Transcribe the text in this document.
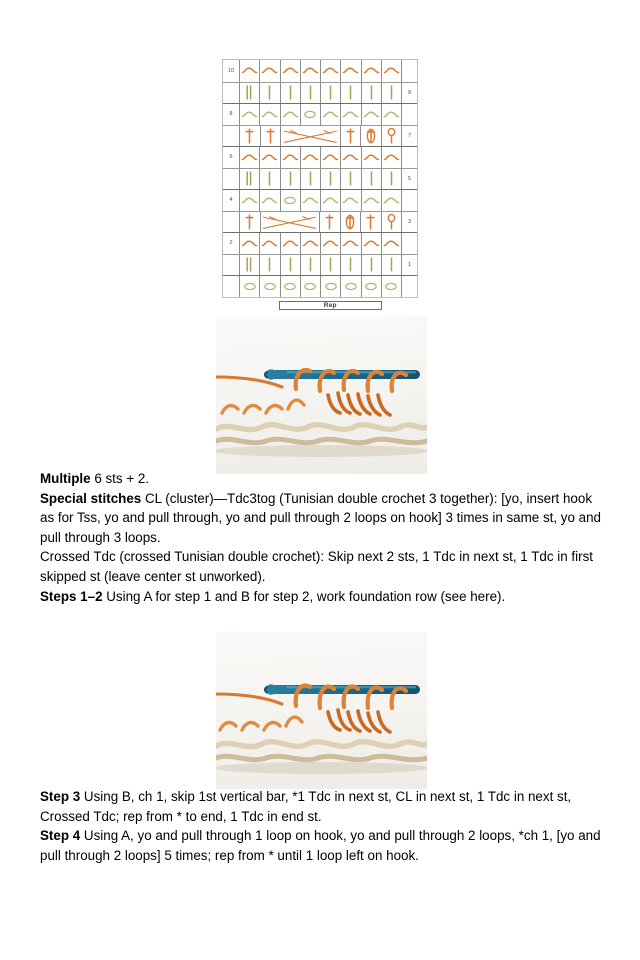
10
9
8
7
6
5
4
3
2
1
Rep

Multiple 6 sts + 2.

Special stitches CL (cluster)—Tdc3tog (Tunisian double crochet 3 together): [yo, insert hook as for Tss, yo and pull through, yo and pull through 2 loops on hook] 3 times in same st, yo and pull through 3 loops.

Crossed Tdc (crossed Tunisian double crochet): Skip next 2 sts, 1 Tdc in next st, 1 Tdc in first skipped st (leave center st unworked).

Steps 1–2 Using A for step 1 and B for step 2, work foundation row (see here).

Step 3 Using B, ch 1, skip 1st vertical bar, *1 Tdc in next st, CL in next st, 1 Tdc in next st, Crossed Tdc; rep from * to end, 1 Tdc in end st.

Step 4 Using A, yo and pull through 1 loop on hook, yo and pull through 2 loops, *ch 1, [yo and pull through 2 loops] 5 times; rep from * until 1 loop left on hook.
